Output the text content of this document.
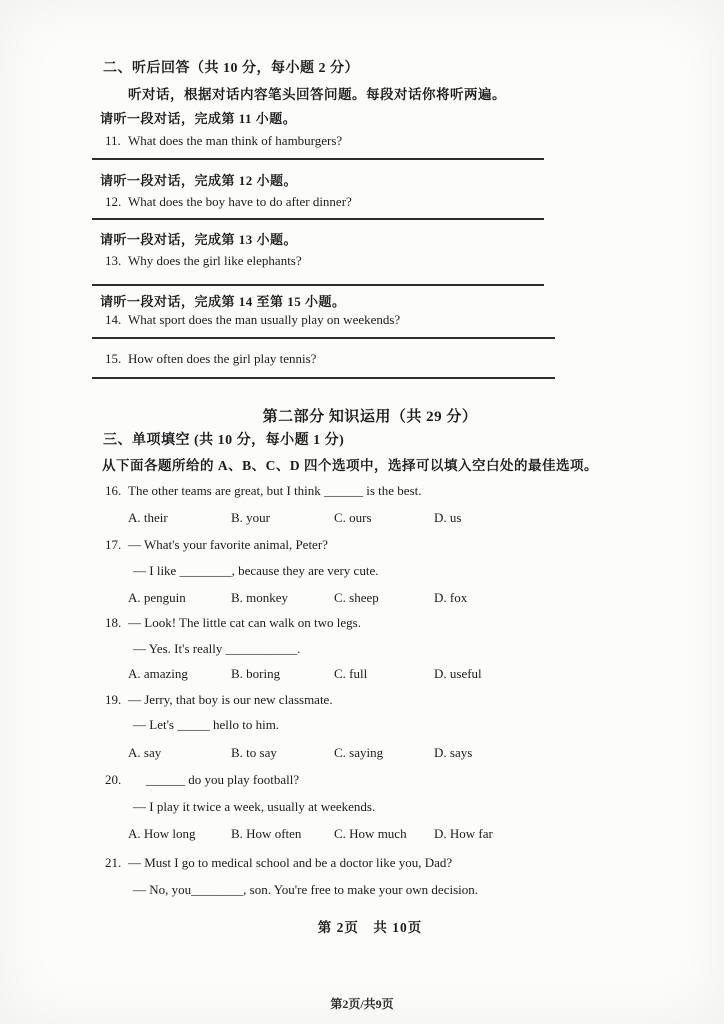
二、听后回答（共 10 分，每小题 2 分）
听对话，根据对话内容笔头回答问题。每段对话你将听两遍。
请听一段对话，完成第 11 小题。
11. What does the man think of hamburgers?
请听一段对话，完成第 12 小题。
12. What does the boy have to do after dinner?
请听一段对话，完成第 13 小题。
13. Why does the girl like elephants?
请听一段对话，完成第 14 至第 15 小题。
14. What sport does the man usually play on weekends?
15. How often does the girl play tennis?
第二部分 知识运用（共 29 分）
三、单项填空 (共 10 分，每小题 1 分)
从下面各题所给的 A、B、C、D 四个选项中，选择可以填入空白处的最佳选项。
16. The other teams are great, but I think ______ is the best.
A. their	B. your	C. ours	D. us
17. — What's your favorite animal, Peter?
— I like ________, because they are very cute.
A. penguin	B. monkey	C. sheep	D. fox
18. — Look! The little cat can walk on two legs.
— Yes. It's really ___________.
A. amazing	B. boring	C. full	D. useful
19. — Jerry, that boy is our new classmate.
— Let's _____ hello to him.
A. say	B. to say	C. saying	D. says
20. ______ do you play football?
— I play it twice a week, usually at weekends.
A. How long	B. How often	C. How much	D. How far
21. — Must I go to medical school and be a doctor like you, Dad?
— No, you________, son. You're free to make your own decision.
第 2页　共 10页
第2页/共9页
